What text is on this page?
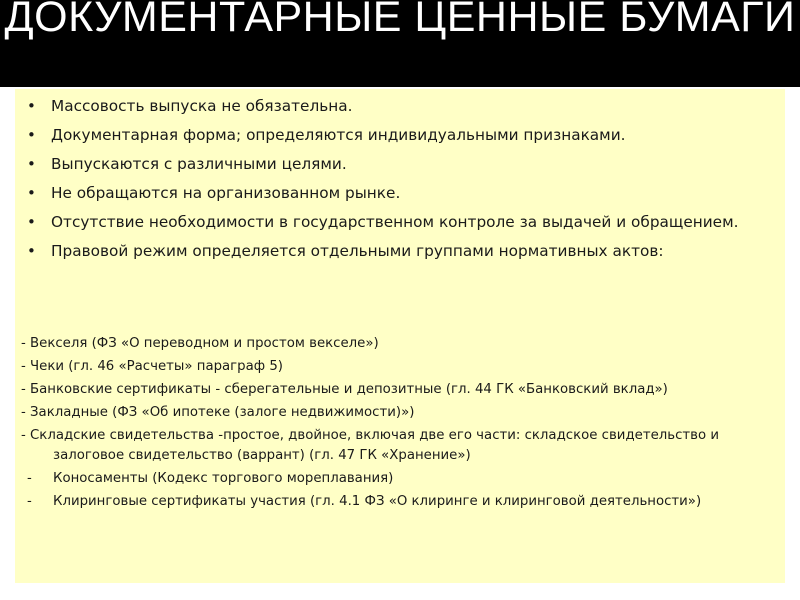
ДОКУМЕНТАРНЫЕ ЦЕННЫЕ БУМАГИ
• Массовость выпуска не обязательна.
• Документарная форма; определяются индивидуальными признаками.
• Выпускаются с различными целями.
• Не обращаются на организованном рынке.
• Отсутствие необходимости в государственном контроле за выдачей и обращением.
• Правовой режим определяется отдельными группами нормативных актов:
- Векселя (ФЗ «О переводном и простом векселе»)
- Чеки (гл. 46 «Расчеты» параграф 5)
- Банковские сертификаты - сберегательные и депозитные (гл. 44 ГК «Банковский вклад»)
- Закладные (ФЗ «Об ипотеке (залоге недвижимости)»)
- Складские свидетельства -простое, двойное, включая две его части: складское свидетельство и залоговое свидетельство (варрант) (гл. 47 ГК «Хранение»)
- Коносаменты (Кодекс торгового мореплавания)
- Клиринговые сертификаты участия (гл. 4.1 ФЗ «О клиринге и клиринговой деятельности»)
